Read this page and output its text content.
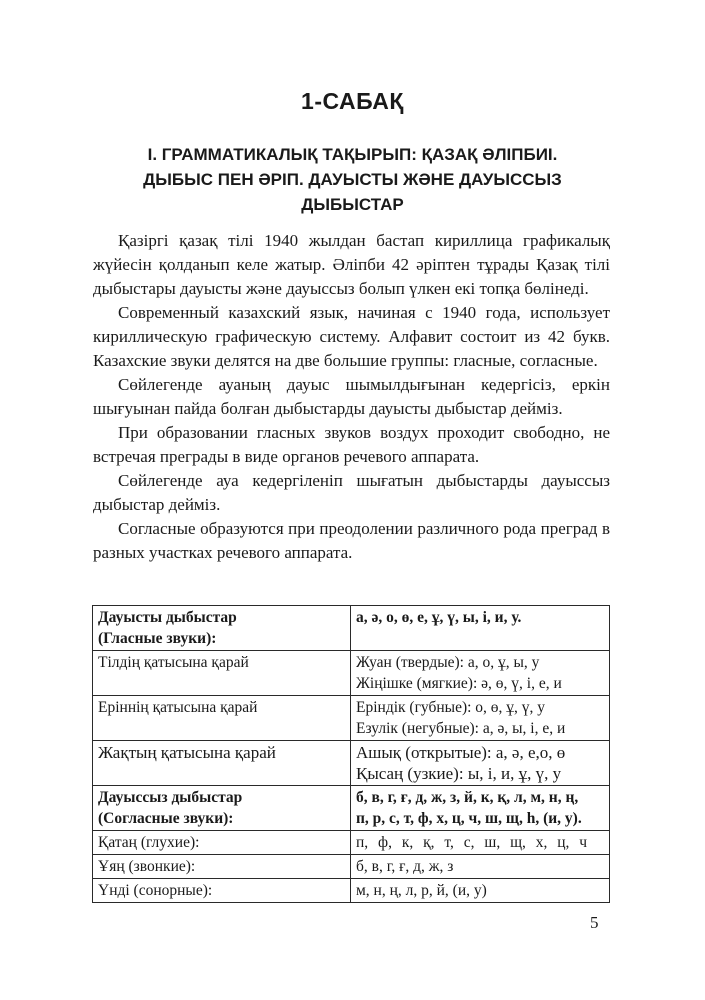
1-САБАҚ
І. ГРАММАТИКАЛЫҚ ТАҚЫРЫП: ҚАЗАҚ ӘЛІПБИІ.
ДЫБЫС ПЕН ӘРІП. ДАУЫСТЫ ЖӘНЕ ДАУЫССЫЗ
ДЫБЫСТАР

Қазіргі қазақ тілі 1940 жылдан бастап кириллица графикалық жүйесін қолданып келе жатыр. Әліпби 42 әріптен тұрады Қазақ тілі дыбыстары дауысты және дауыссыз болып үлкен екі топқа бөлінеді.

Современный казахский язык, начиная с 1940 года, использует кириллическую графическую систему. Алфавит состоит из 42 букв. Казахские звуки делятся на две большие группы: гласные, согласные.

Сөйлегенде ауаның дауыс шымылдығынан кедергісіз, еркін шығуынан пайда болған дыбыстарды дауысты дыбыстар дейміз.

При образовании гласных звуков воздух проходит свободно, не встречая преграды в виде органов речевого аппарата.

Сөйлегенде ауа кедергіленіп шығатын дыбыстарды дауыссыз дыбыстар дейміз.

Согласные образуются при преодолении различного рода преград в разных участках речевого аппарата.

Дауысты дыбыстар
(Гласные звуки):	а, ә, о, ө, е, ұ, ү, ы, і, и, у.

Тілдің қатысына қарай	Жуан (твердые): а, о, ұ, ы, у
Жіңішке (мягкие): ә, ө, ү, і, е, и

Еріннің қатысына қарай	Еріндік (губные): о, ө, ұ, ү, у
Езулік (негубные): а, ә, ы, і, е, и

Жақтың қатысына қарай	Ашық (открытые): а, ә, е,о, ө
Қысаң (узкие): ы, і, и, ұ, ү, у

Дауыссыз дыбыстар
(Согласные звуки):	б, в, г, ғ, д, ж, з, й, к, қ, л, м, н, ң,
п, р, с, т, ф, х, ц, ч, ш, щ, һ, (и, у).

Қатаң (глухие):	п, ф, к, қ, т, с, ш, щ, х, ц, ч
Ұяң (звонкие):	б, в, г, ғ, д, ж, з
Үнді (сонорные):	м, н, ң, л, р, й, (и, у)
5
